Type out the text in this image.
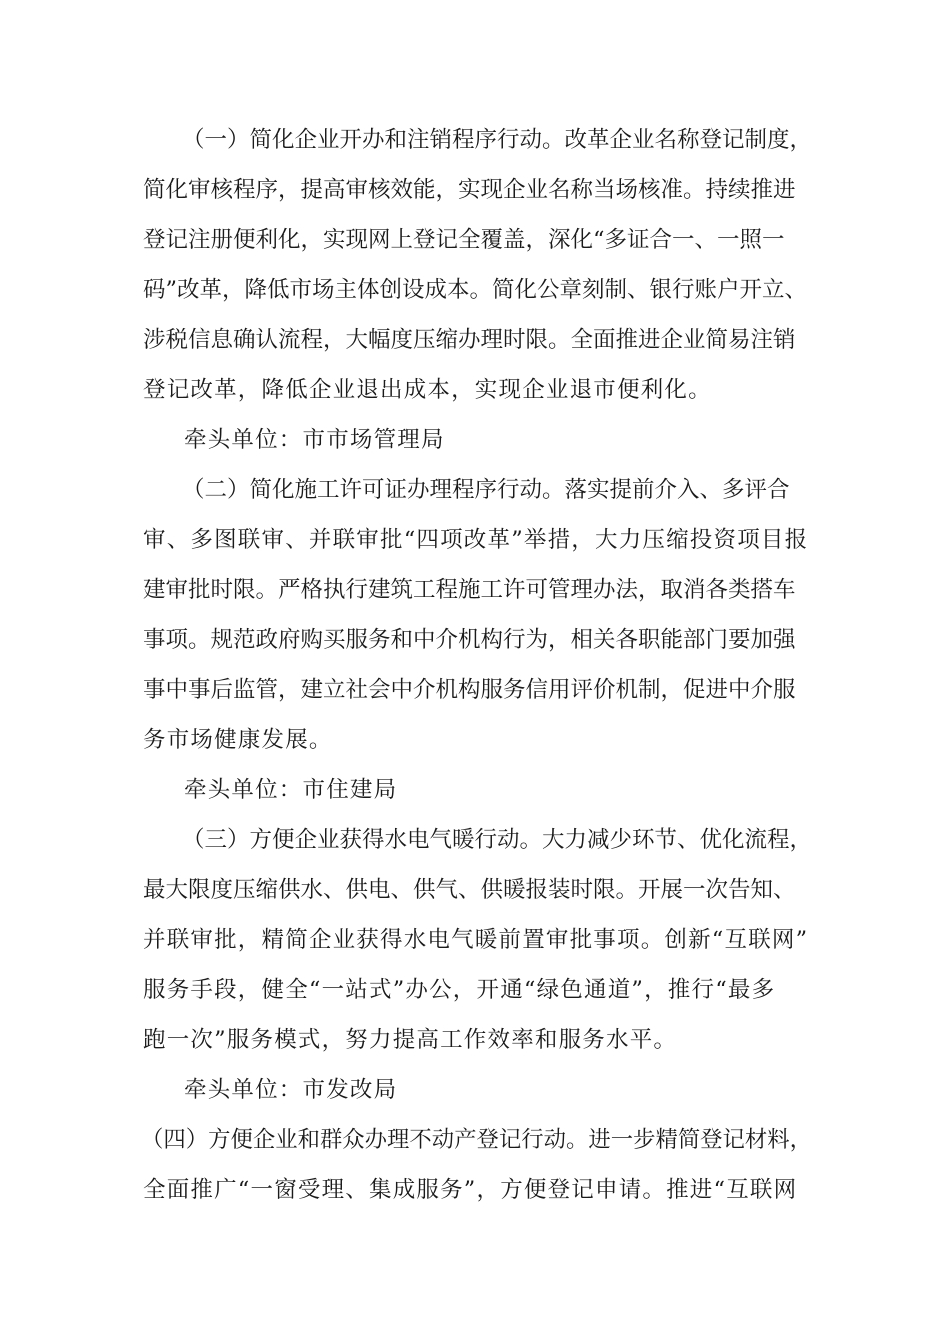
（一）简化企业开办和注销程序行动。改革企业名称登记制度，
简化审核程序，提高审核效能，实现企业名称当场核准。持续推进
登记注册便利化，实现网上登记全覆盖，深化“多证合一、一照一
码”改革，降低市场主体创设成本。简化公章刻制、银行账户开立、
涉税信息确认流程，大幅度压缩办理时限。全面推进企业简易注销
登记改革，降低企业退出成本，实现企业退市便利化。
牵头单位：市市场管理局
（二）简化施工许可证办理程序行动。落实提前介入、多评合
审、多图联审、并联审批“四项改革”举措，大力压缩投资项目报
建审批时限。严格执行建筑工程施工许可管理办法，取消各类搭车
事项。规范政府购买服务和中介机构行为，相关各职能部门要加强
事中事后监管，建立社会中介机构服务信用评价机制，促进中介服
务市场健康发展。
牵头单位：市住建局
（三）方便企业获得水电气暖行动。大力减少环节、优化流程，
最大限度压缩供水、供电、供气、供暖报装时限。开展一次告知、
并联审批，精简企业获得水电气暖前置审批事项。创新“互联网”
服务手段，健全“一站式”办公，开通“绿色通道”，推行“最多
跑一次”服务模式，努力提高工作效率和服务水平。
牵头单位：市发改局
（四）方便企业和群众办理不动产登记行动。进一步精简登记材料，
全面推广“一窗受理、集成服务”，方便登记申请。推进“互联网
